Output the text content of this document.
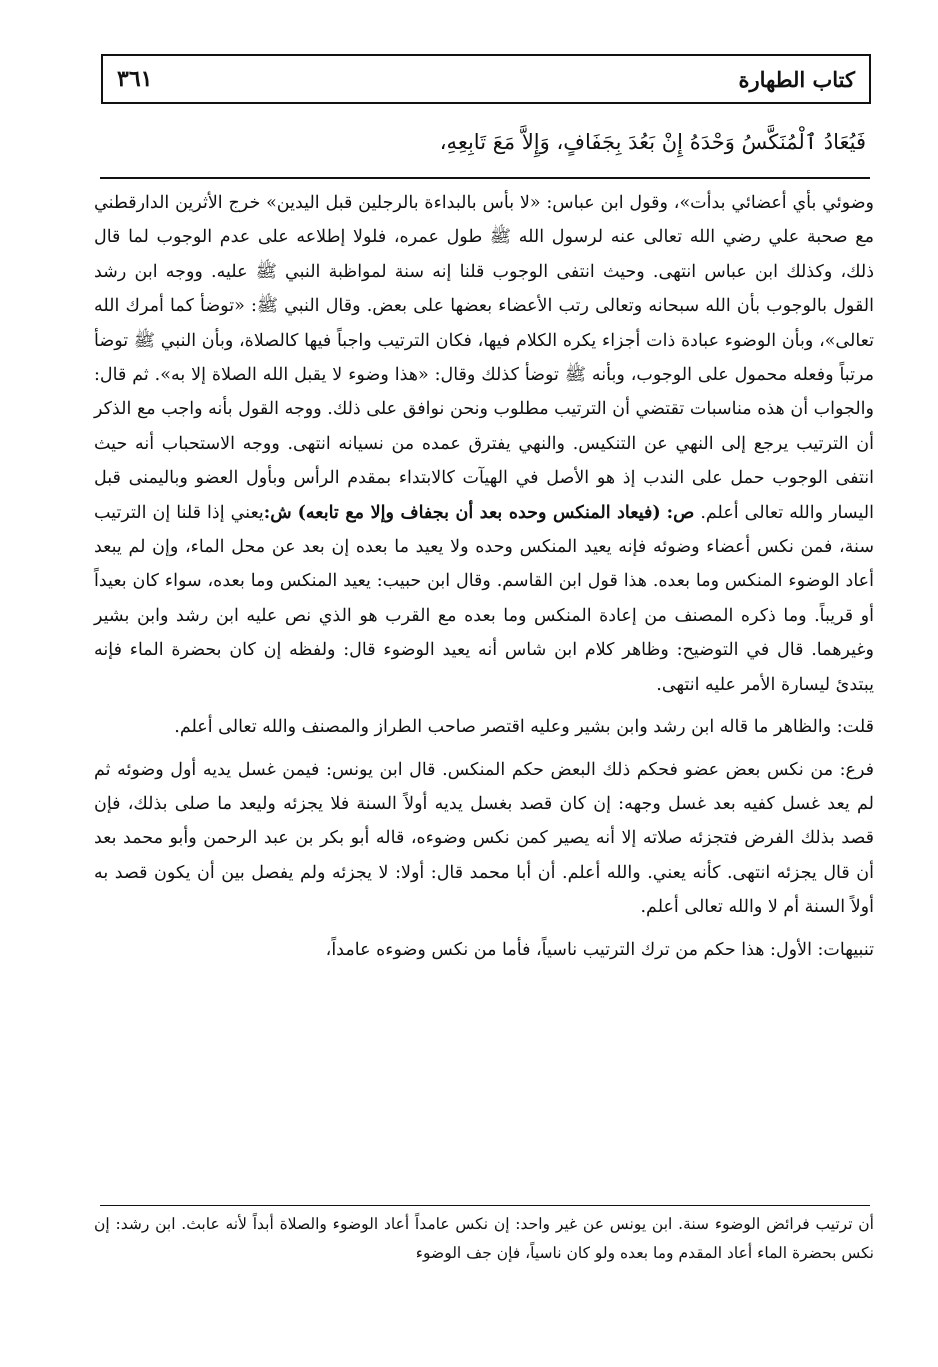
كتاب الطهارة
٣٦١
فَيُعَادُ ٱلْمُنَكَّسُ وَحْدَهُ إِنْ بَعُدَ بِجَفَافٍ، وَإِلاَّ مَعَ تَابِعِهِ،

وضوئي بأي أعضائي بدأت»، وقول ابن عباس: «لا بأس بالبداءة بالرجلين قبل اليدين» خرج الأثرين الدارقطني مع صحبة علي رضي الله تعالى عنه لرسول الله ﷺ طول عمره، فلولا إطلاعه على عدم الوجوب لما قال ذلك، وكذلك ابن عباس انتهى. وحيث انتفى الوجوب قلنا إنه سنة لمواظبة النبي ﷺ عليه. ووجه ابن رشد القول بالوجوب بأن الله سبحانه وتعالى رتب الأعضاء بعضها على بعض. وقال النبي ﷺ: «توضأ كما أمرك الله تعالى»، وبأن الوضوء عبادة ذات أجزاء يكره الكلام فيها، فكان الترتيب واجباً فيها كالصلاة، وبأن النبي ﷺ توضأ مرتباً وفعله محمول على الوجوب، وبأنه ﷺ توضأ كذلك وقال: «هذا وضوء لا يقبل الله الصلاة إلا به». ثم قال: والجواب أن هذه مناسبات تقتضي أن الترتيب مطلوب ونحن نوافق على ذلك. ووجه القول بأنه واجب مع الذكر أن الترتيب يرجع إلى النهي عن التنكيس. والنهي يفترق عمده من نسيانه انتهى. ووجه الاستحباب أنه حيث انتفى الوجوب حمل على الندب إذ هو الأصل في الهيآت كالابتداء بمقدم الرأس وبأول العضو وباليمنى قبل اليسار والله تعالى أعلم. ص: (فيعاد المنكس وحده بعد أن بجفاف وإلا مع تابعه) ش:يعني إذا قلنا إن الترتيب سنة، فمن نكس أعضاء وضوئه فإنه يعيد المنكس وحده ولا يعيد ما بعده إن بعد عن محل الماء، وإن لم يبعد أعاد الوضوء المنكس وما بعده. هذا قول ابن القاسم. وقال ابن حبيب: يعيد المنكس وما بعده، سواء كان بعيداً أو قريباً. وما ذكره المصنف من إعادة المنكس وما بعده مع القرب هو الذي نص عليه ابن رشد وابن بشير وغيرهما. قال في التوضيح: وظاهر كلام ابن شاس أنه يعيد الوضوء قال: ولفظه إن كان بحضرة الماء فإنه يبتدئ ليسارة الأمر عليه انتهى.

قلت: والظاهر ما قاله ابن رشد وابن بشير وعليه اقتصر صاحب الطراز والمصنف والله تعالى أعلم.

فرع: من نكس بعض عضو فحكم ذلك البعض حكم المنكس. قال ابن يونس: فيمن غسل يديه أول وضوئه ثم لم يعد غسل كفيه بعد غسل وجهه: إن كان قصد بغسل يديه أولاً السنة فلا يجزئه وليعد ما صلى بذلك، فإن قصد بذلك الفرض فتجزئه صلاته إلا أنه يصير كمن نكس وضوءه، قاله أبو بكر بن عبد الرحمن وأبو محمد بعد أن قال يجزئه انتهى. كأنه يعني. والله أعلم. أن أبا محمد قال: أولا: لا يجزئه ولم يفصل بين أن يكون قصد به أولاً السنة أم لا والله تعالى أعلم.

تنبيهات: الأول: هذا حكم من ترك الترتيب ناسياً، فأما من نكس وضوءه عامداً،

أن ترتيب فرائض الوضوء سنة. ابن يونس عن غير واحد: إن نكس عامداً أعاد الوضوء والصلاة أبداً لأنه عابث. ابن رشد: إن نكس بحضرة الماء أعاد المقدم وما بعده ولو كان ناسياً، فإن جف الوضوء
